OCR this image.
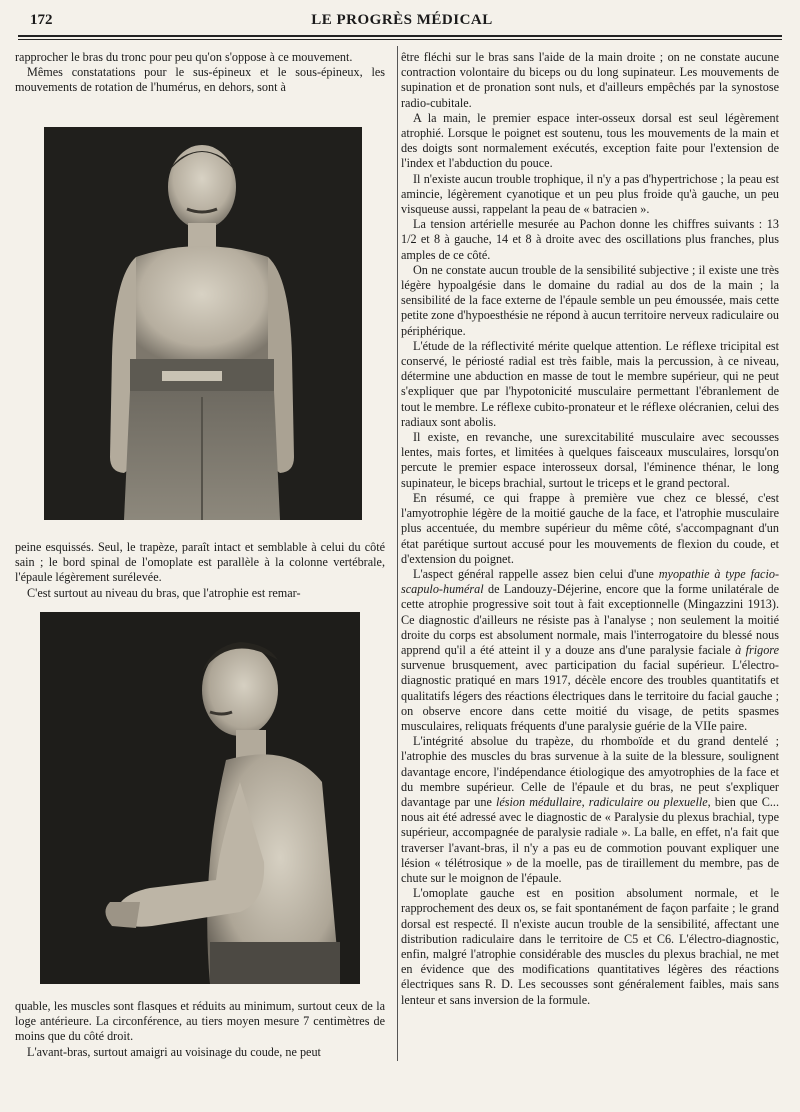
172	LE PROGRÈS MÉDICAL

rapprocher le bras du tronc pour peu qu'on s'oppose à ce mouvement.

Mêmes constatations pour le sus-épineux et le sous-épineux, les mouvements de rotation de l'humérus, en dehors, sont à

peine esquissés. Seul, le trapèze, paraît intact et semblable à celui du côté sain ; le bord spinal de l'omoplate est parallèle à la colonne vertébrale, l'épaule légèrement surélevée.

C'est surtout au niveau du bras, que l'atrophie est remar-

quable, les muscles sont flasques et réduits au minimum, surtout ceux de la loge antérieure. La circonférence, au tiers moyen mesure 7 centimètres de moins que du côté droit.

L'avant-bras, surtout amaigri au voisinage du coude, ne peut

être fléchi sur le bras sans l'aide de la main droite ; on ne constate aucune contraction volontaire du biceps ou du long supinateur. Les mouvements de supination et de pronation sont nuls, et d'ailleurs empêchés par la synostose radio-cubitale.

A la main, le premier espace inter-osseux dorsal est seul légèrement atrophié. Lorsque le poignet est soutenu, tous les mouvements de la main et des doigts sont normalement exécutés, exception faite pour l'extension de l'index et l'abduction du pouce.

Il n'existe aucun trouble trophique, il n'y a pas d'hypertrichose ; la peau est amincie, légèrement cyanotique et un peu plus froide qu'à gauche, un peu visqueuse aussi, rappelant la peau de « batracien ».

La tension artérielle mesurée au Pachon donne les chiffres suivants : 13 1/2 et 8 à gauche, 14 et 8 à droite avec des oscillations plus franches, plus amples de ce côté.

On ne constate aucun trouble de la sensibilité subjective ; il existe une très légère hypoalgésie dans le domaine du radial au dos de la main ; la sensibilité de la face externe de l'épaule semble un peu émoussée, mais cette petite zone d'hypoesthésie ne répond à aucun territoire nerveux radiculaire ou périphérique.

L'étude de la réflectivité mérite quelque attention. Le réflexe tricipital est conservé, le périosté radial est très faible, mais la percussion, à ce niveau, détermine une abduction en masse de tout le membre supérieur, qui ne peut s'expliquer que par l'hypotonicité musculaire permettant l'ébranlement de tout le membre. Le réflexe cubito-pronateur et le réflexe olécranien, celui des radiaux sont abolis.

Il existe, en revanche, une surexcitabilité musculaire avec secousses lentes, mais fortes, et limitées à quelques faisceaux musculaires, lorsqu'on percute le premier espace interosseux dorsal, l'éminence thénar, le long supinateur, le biceps brachial, surtout le triceps et le grand pectoral.

En résumé, ce qui frappe à première vue chez ce blessé, c'est l'amyotrophie légère de la moitié gauche de la face, et l'atrophie musculaire plus accentuée, du membre supérieur du même côté, s'accompagnant d'un état parétique surtout accusé pour les mouvements de flexion du coude, et d'extension du poignet.

L'aspect général rappelle assez bien celui d'une myopathie à type facio-scapulo-huméral de Landouzy-Déjerine, encore que la forme unilatérale de cette atrophie progressive soit tout à fait exceptionnelle (Mingazzini 1913). Ce diagnostic d'ailleurs ne résiste pas à l'analyse ; non seulement la moitié droite du corps est absolument normale, mais l'interrogatoire du blessé nous apprend qu'il a été atteint il y a douze ans d'une paralysie faciale à frigore survenue brusquement, avec participation du facial supérieur. L'électro-diagnostic pratiqué en mars 1917, décèle encore des troubles quantitatifs et qualitatifs légers des réactions électriques dans le territoire du facial gauche ; on observe encore dans cette moitié du visage, de petits spasmes musculaires, reliquats fréquents d'une paralysie guérie de la VIIe paire.

L'intégrité absolue du trapèze, du rhomboïde et du grand dentelé ; l'atrophie des muscles du bras survenue à la suite de la blessure, soulignent davantage encore, l'indépendance étiologique des amyotrophies de la face et du membre supérieur. Celle de l'épaule et du bras, ne peut s'expliquer davantage par une lésion médullaire, radiculaire ou plexuelle, bien que C... nous ait été adressé avec le diagnostic de « Paralysie du plexus brachial, type supérieur, accompagnée de paralysie radiale ». La balle, en effet, n'a fait que traverser l'avant-bras, il n'y a pas eu de commotion pouvant expliquer une lésion « télétrosique » de la moelle, pas de tiraillement du membre, pas de chute sur le moignon de l'épaule.

L'omoplate gauche est en position absolument normale, et le rapprochement des deux os, se fait spontanément de façon parfaite ; le grand dorsal est respecté. Il n'existe aucun trouble de la sensibilité, affectant une distribution radiculaire dans le territoire de C5 et C6. L'électro-diagnostic, enfin, malgré l'atrophie considérable des muscles du plexus brachial, ne met en évidence que des modifications quantitatives légères des réactions électriques sans R. D. Les secousses sont généralement faibles, mais sans lenteur et sans inversion de la formule.
